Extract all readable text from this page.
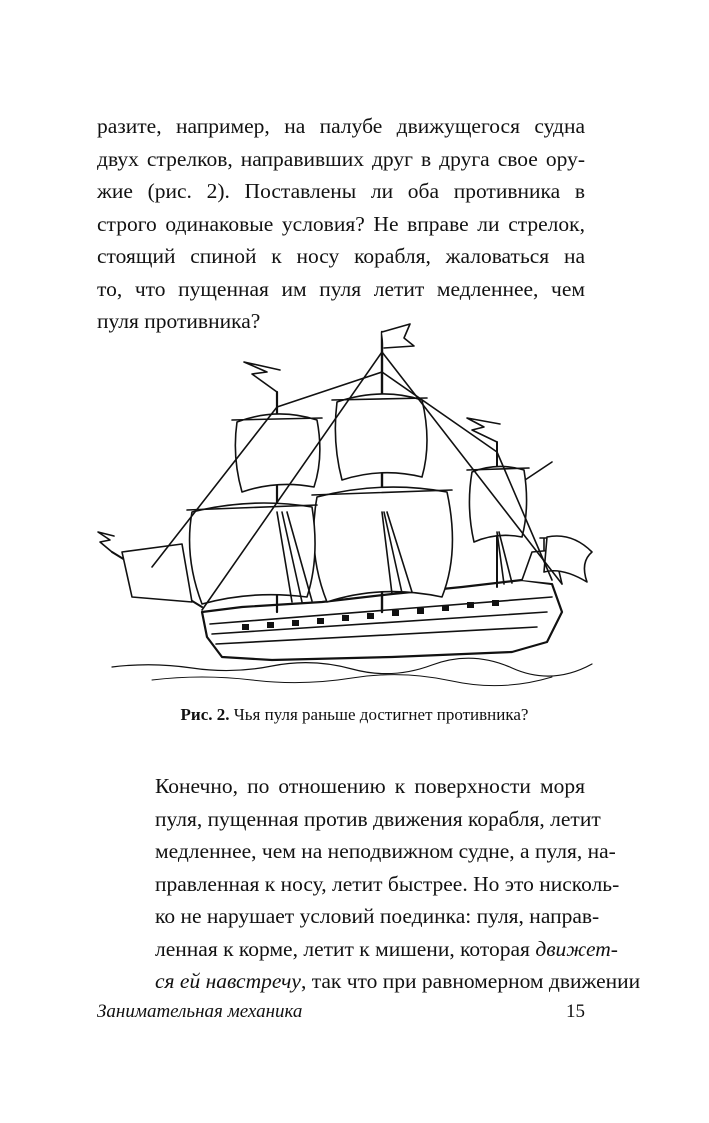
разите, например, на палубе движущегося судна
двух стрелков, направивших друг в друга свое ору-
жие (рис. 2). Поставлены ли оба противника в
строго одинаковые условия? Не вправе ли стрелок,
стоящий спиной к носу корабля, жаловаться на
то, что пущенная им пуля летит медленнее, чем
пуля противника?

Рис. 2. Чья пуля раньше достигнет противника?

Конечно, по отношению к поверхности моря
пуля, пущенная против движения корабля, летит
медленнее, чем на неподвижном судне, а пуля, на-
правленная к носу, летит быстрее. Но это нисколь-
ко не нарушает условий поединка: пуля, направ-
ленная к корме, летит к мишени, которая движет-
ся ей навстречу, так что при равномерном движении

Занимательная механика	15
